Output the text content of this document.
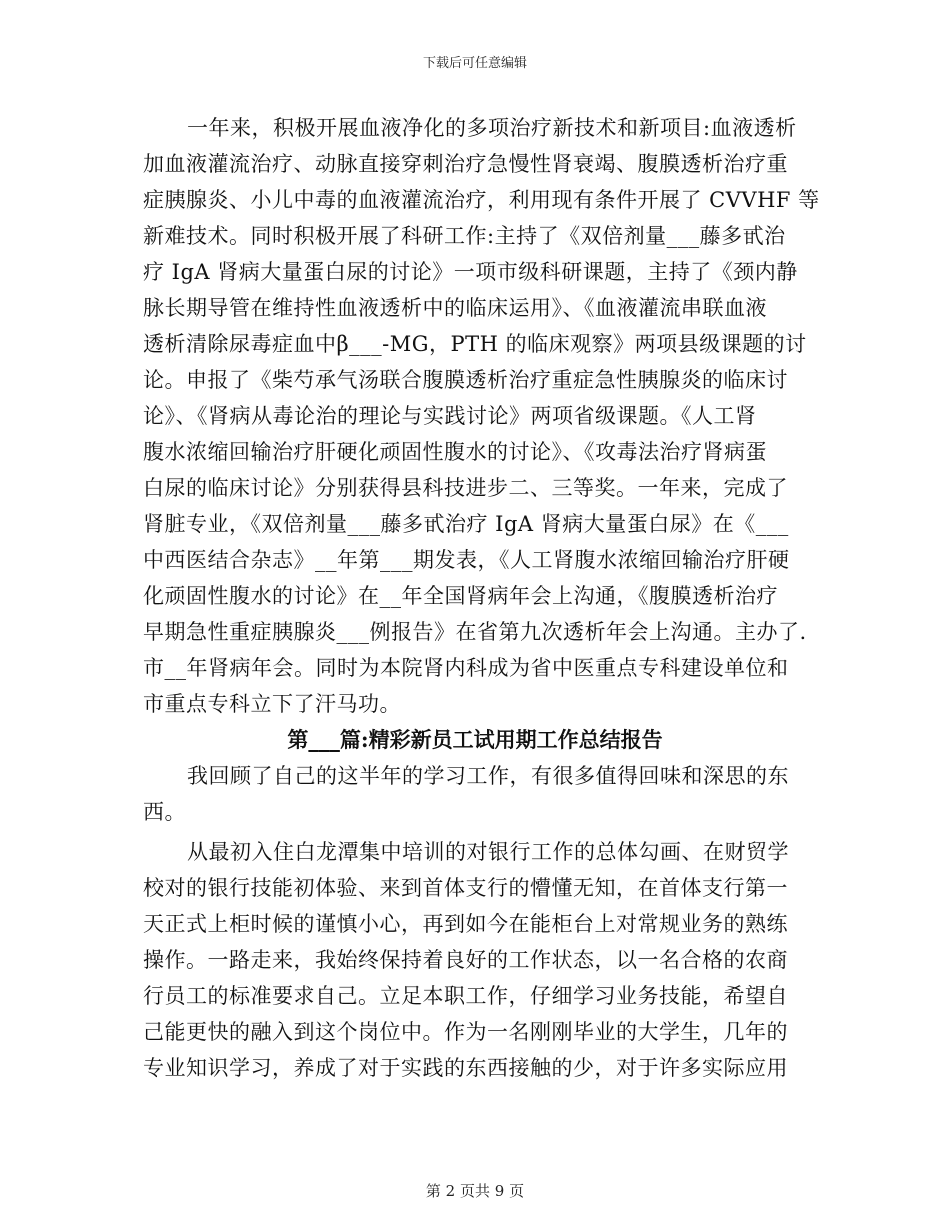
下载后可任意编辑
一年来，积极开展血液净化的多项治疗新技术和新项目:血液透析
加血液灌流治疗、动脉直接穿刺治疗急慢性肾衰竭、腹膜透析治疗重
症胰腺炎、小儿中毒的血液灌流治疗，利用现有条件开展了 CVVHF 等
新难技术。同时积极开展了科研工作:主持了《双倍剂量___藤多甙治
疗 IgA 肾病大量蛋白尿的讨论》一项市级科研课题，主持了《颈内静
脉长期导管在维持性血液透析中的临床运用》、《血液灌流串联血液
透析清除尿毒症血中β___-MG，PTH 的临床观察》两项县级课题的讨
论。申报了《柴芍承气汤联合腹膜透析治疗重症急性胰腺炎的临床讨
论》、《肾病从毒论治的理论与实践讨论》两项省级课题。《人工肾
腹水浓缩回输治疗肝硬化顽固性腹水的讨论》、《攻毒法治疗肾病蛋
白尿的临床讨论》分别获得县科技进步二、三等奖。一年来，完成了
肾脏专业，《双倍剂量___藤多甙治疗 IgA 肾病大量蛋白尿》在《___
中西医结合杂志》__年第___期发表，《人工肾腹水浓缩回输治疗肝硬
化顽固性腹水的讨论》在__年全国肾病年会上沟通，《腹膜透析治疗
早期急性重症胰腺炎___例报告》在省第九次透析年会上沟通。主办了.
市__年肾病年会。同时为本院肾内科成为省中医重点专科建设单位和
市重点专科立下了汗马功。
第___篇:精彩新员工试用期工作总结报告
我回顾了自己的这半年的学习工作，有很多值得回味和深思的东
西。
从最初入住白龙潭集中培训的对银行工作的总体勾画、在财贸学
校对的银行技能初体验、来到首体支行的懵懂无知，在首体支行第一
天正式上柜时候的谨慎小心，再到如今在能柜台上对常规业务的熟练
操作。一路走来，我始终保持着良好的工作状态，以一名合格的农商
行员工的标准要求自己。立足本职工作，仔细学习业务技能，希望自
己能更快的融入到这个岗位中。作为一名刚刚毕业的大学生，几年的
专业知识学习，养成了对于实践的东西接触的少，对于许多实际应用
第 2 页共 9 页
